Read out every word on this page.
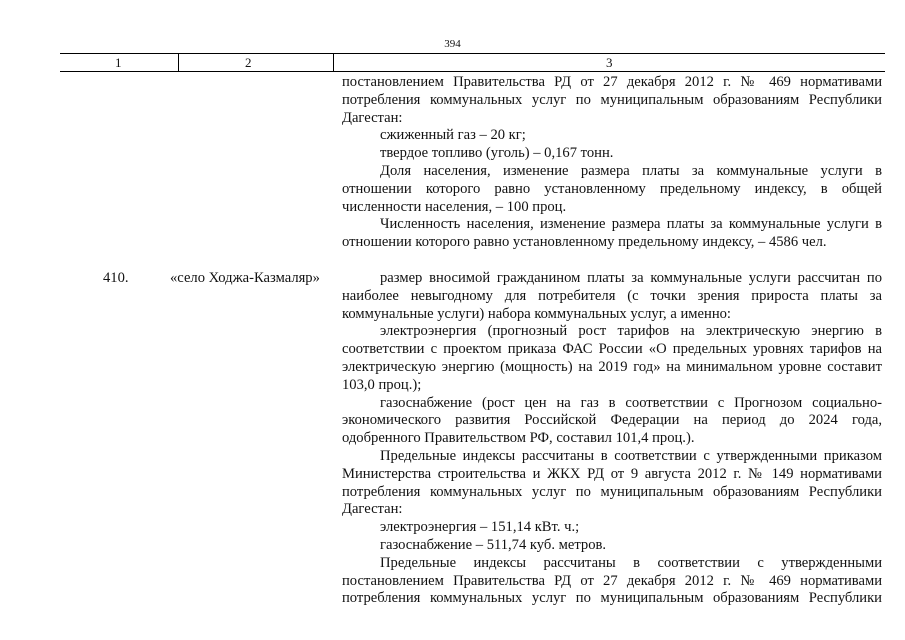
394
1	2	3
постановлением Правительства РД от 27 декабря 2012 г. № 469 нормативами
потребления коммунальных услуг по муниципальным образованиям Республики
Дагестан:
сжиженный газ – 20 кг;
твердое топливо (уголь) – 0,167 тонн.
Доля населения, изменение размера платы за коммунальные услуги в
отношении которого равно установленному предельному индексу, в общей
численности населения, – 100 проц.
Численность населения, изменение размера платы за коммунальные услуги в
отношении которого равно установленному предельному индексу, – 4586 чел.
410.	«село Ходжа-Казмаляр»	размер вносимой гражданином платы за коммунальные услуги рассчитан по
наиболее невыгодному для потребителя (с точки зрения прироста платы за
коммунальные услуги) набора коммунальных услуг, а именно:
электроэнергия (прогнозный рост тарифов на электрическую энергию в
соответствии с проектом приказа ФАС России «О предельных уровнях тарифов на
электрическую энергию (мощность) на 2019 год» на минимальном уровне составит
103,0 проц.);
газоснабжение (рост цен на газ в соответствии с Прогнозом социально-
экономического развития Российской Федерации на период до 2024 года,
одобренного Правительством РФ, составил 101,4 проц.).
Предельные индексы рассчитаны в соответствии с утвержденными приказом
Министерства строительства и ЖКХ РД от 9 августа 2012 г. № 149 нормативами
потребления коммунальных услуг по муниципальным образованиям Республики
Дагестан:
электроэнергия – 151,14 кВт. ч.;
газоснабжение – 511,74 куб. метров.
Предельные индексы рассчитаны в соответствии с утвержденными
постановлением Правительства РД от 27 декабря 2012 г. № 469 нормативами
потребления коммунальных услуг по муниципальным образованиям Республики
